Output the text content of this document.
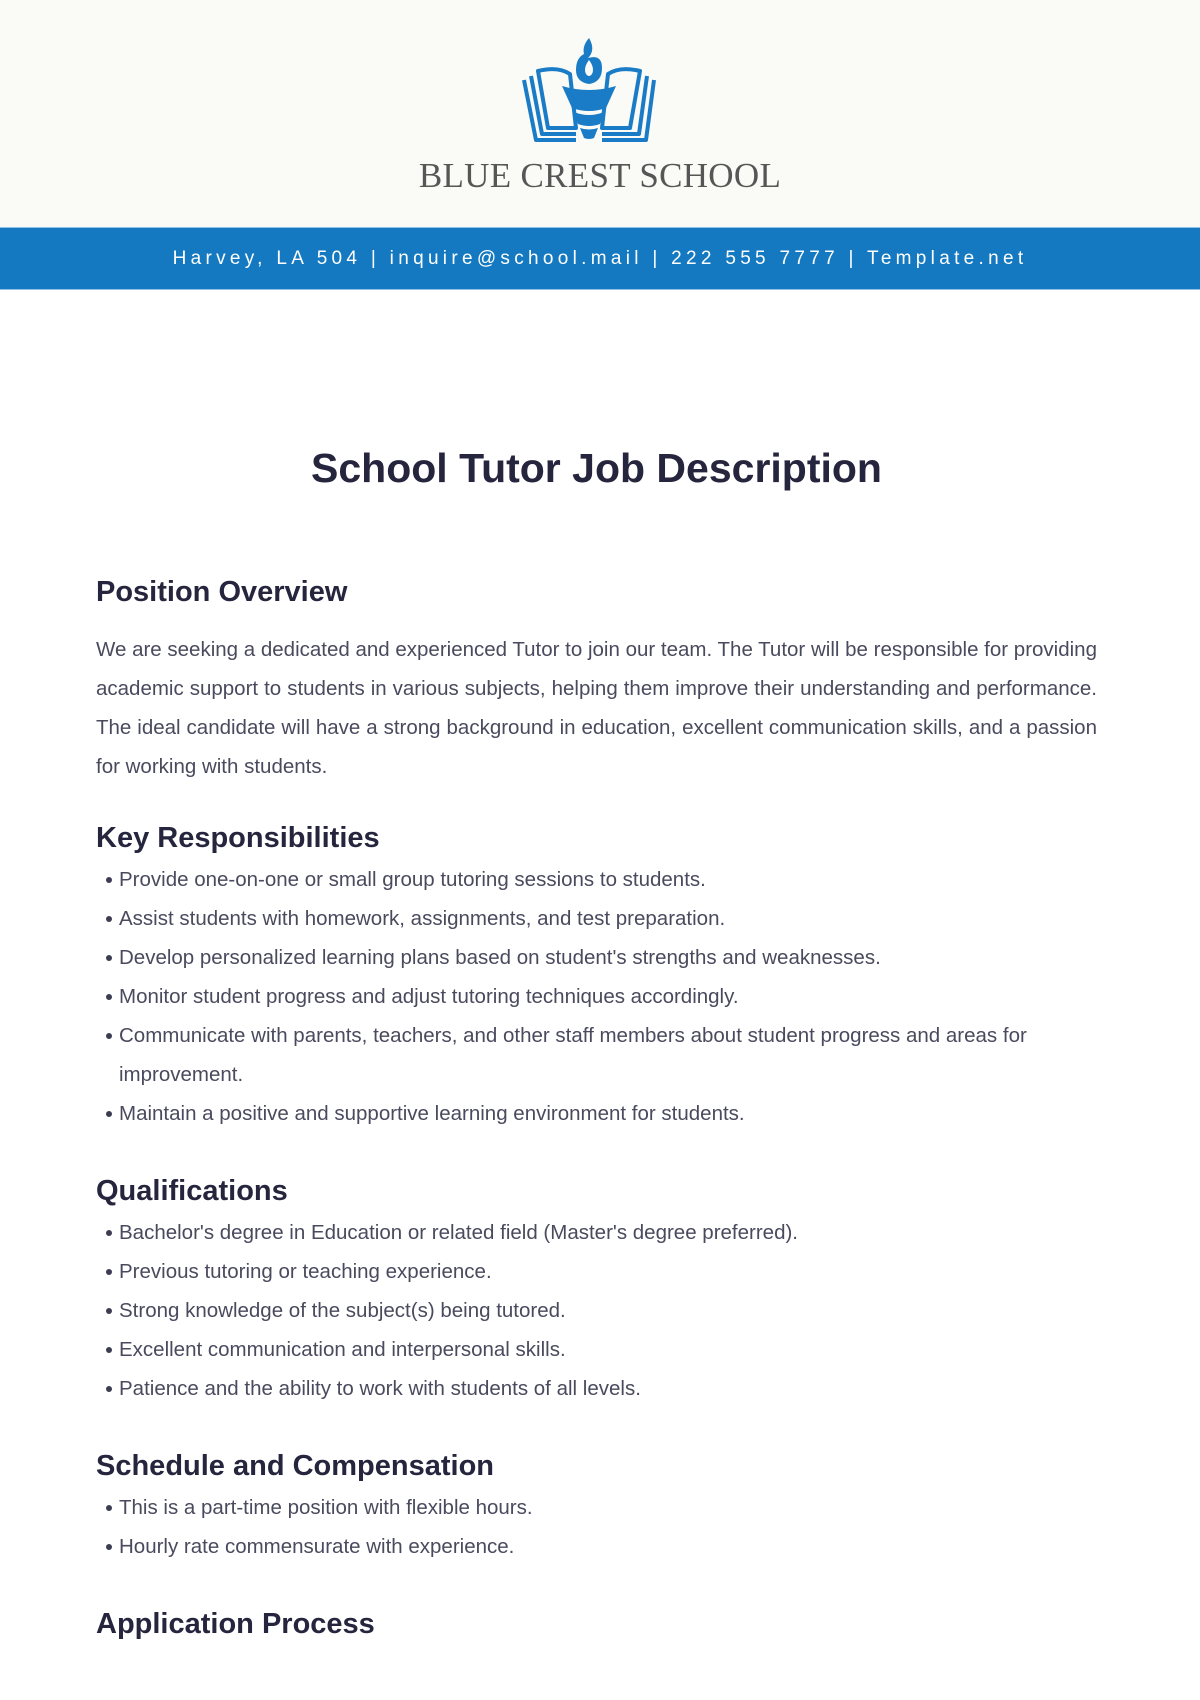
BLUE CREST SCHOOL
Harvey, LA 504 | inquire@school.mail | 222 555 7777 | Template.net
School Tutor Job Description
Position Overview

We are seeking a dedicated and experienced Tutor to join our team. The Tutor will be responsible for providing academic support to students in various subjects, helping them improve their understanding and performance. The ideal candidate will have a strong background in education, excellent communication skills, and a passion for working with students.

Key Responsibilities
Provide one-on-one or small group tutoring sessions to students.
Assist students with homework, assignments, and test preparation.
Develop personalized learning plans based on student's strengths and weaknesses.
Monitor student progress and adjust tutoring techniques accordingly.
Communicate with parents, teachers, and other staff members about student progress and areas for improvement.
Maintain a positive and supportive learning environment for students.
Qualifications
Bachelor's degree in Education or related field (Master's degree preferred).
Previous tutoring or teaching experience.
Strong knowledge of the subject(s) being tutored.
Excellent communication and interpersonal skills.
Patience and the ability to work with students of all levels.
Schedule and Compensation
This is a part-time position with flexible hours.
Hourly rate commensurate with experience.
Application Process
